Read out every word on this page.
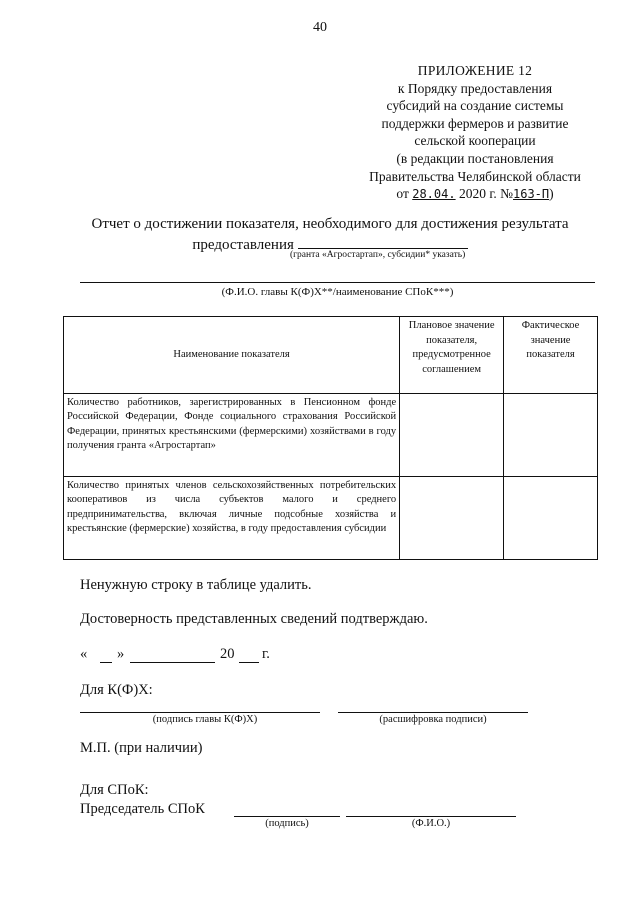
40
ПРИЛОЖЕНИЕ 12
к Порядку предоставления
субсидий на создание системы
поддержки фермеров и развитие
сельской кооперации
(в редакции постановления
Правительства Челябинской области
от 28.04. 2020 г. №163-П)
Отчет о достижении показателя, необходимого для достижения результата
предоставления
(гранта «Агростартап», субсидии* указать)
(Ф.И.О. главы К(Ф)Х**/наименование СПоК***)
Наименование показателя	Плановое значение показателя, предусмотренное соглашением	Фактическое значение показателя
Количество работников, зарегистрированных в Пенсионном фонде Российской Федерации, Фонде социального страхования Российской Федерации, принятых крестьянскими (фермерскими) хозяйствами в году получения гранта «Агростартап»		
Количество принятых членов сельскохозяйственных потребительских кооперативов из числа субъектов малого и среднего предпринимательства, включая личные подсобные хозяйства и крестьянские (фермерские) хозяйства, в году предоставления субсидии		
Ненужную строку в таблице удалить.
Достоверность представленных сведений подтверждаю.
« »	20 г.
Для К(Ф)Х:
(подпись главы К(Ф)Х)	(расшифровка подписи)
М.П. (при наличии)
Для СПоК:
Председатель СПоК
(подпись)	(Ф.И.О.)
